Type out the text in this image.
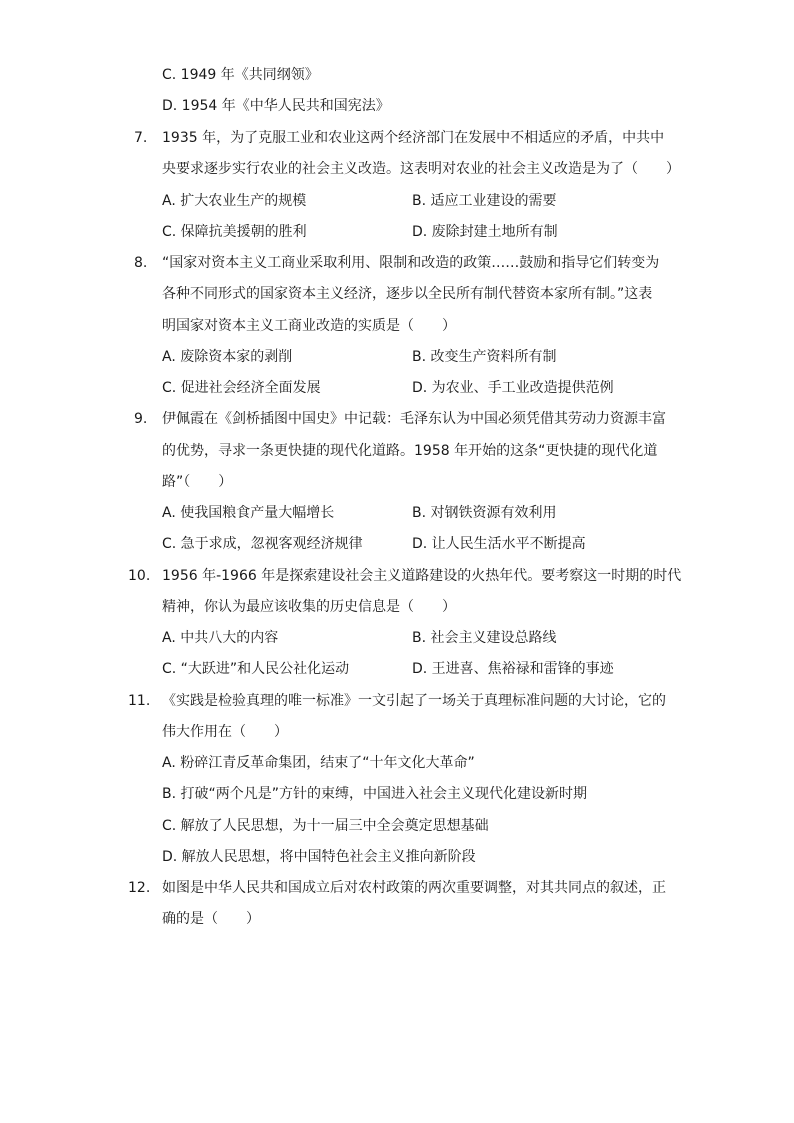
C. 1949 年《共同纲领》
D. 1954 年《中华人民共和国宪法》
7. 1935 年，为了克服工业和农业这两个经济部门在发展中不相适应的矛盾，中共中
央要求逐步实行农业的社会主义改造。这表明对农业的社会主义改造是为了（　　）
A. 扩大农业生产的规模	B. 适应工业建设的需要
C. 保障抗美援朝的胜利	D. 废除封建土地所有制
8. “国家对资本主义工商业采取利用、限制和改造的政策……鼓励和指导它们转变为
各种不同形式的国家资本主义经济，逐步以全民所有制代替资本家所有制。”这表
明国家对资本主义工商业改造的实质是（　　）
A. 废除资本家的剥削	B. 改变生产资料所有制
C. 促进社会经济全面发展	D. 为农业、手工业改造提供范例
9. 伊佩霞在《剑桥插图中国史》中记载：毛泽东认为中国必须凭借其劳动力资源丰富
的优势，寻求一条更快捷的现代化道路。1958 年开始的这条“更快捷的现代化道
路”（　　）
A. 使我国粮食产量大幅增长	B. 对钢铁资源有效利用
C. 急于求成，忽视客观经济规律	D. 让人民生活水平不断提高
10. 1956 年-1966 年是探索建设社会主义道路建设的火热年代。要考察这一时期的时代
精神，你认为最应该收集的历史信息是（　　）
A. 中共八大的内容	B. 社会主义建设总路线
C. “大跃进”和人民公社化运动	D. 王进喜、焦裕禄和雷锋的事迹
11. 《实践是检验真理的唯一标准》一文引起了一场关于真理标准问题的大讨论，它的
伟大作用在（　　）
A. 粉碎江青反革命集团，结束了“十年文化大革命”
B. 打破“两个凡是”方针的束缚，中国进入社会主义现代化建设新时期
C. 解放了人民思想，为十一届三中全会奠定思想基础
D. 解放人民思想，将中国特色社会主义推向新阶段
12. 如图是中华人民共和国成立后对农村政策的两次重要调整，对其共同点的叙述，正
确的是（　　）
